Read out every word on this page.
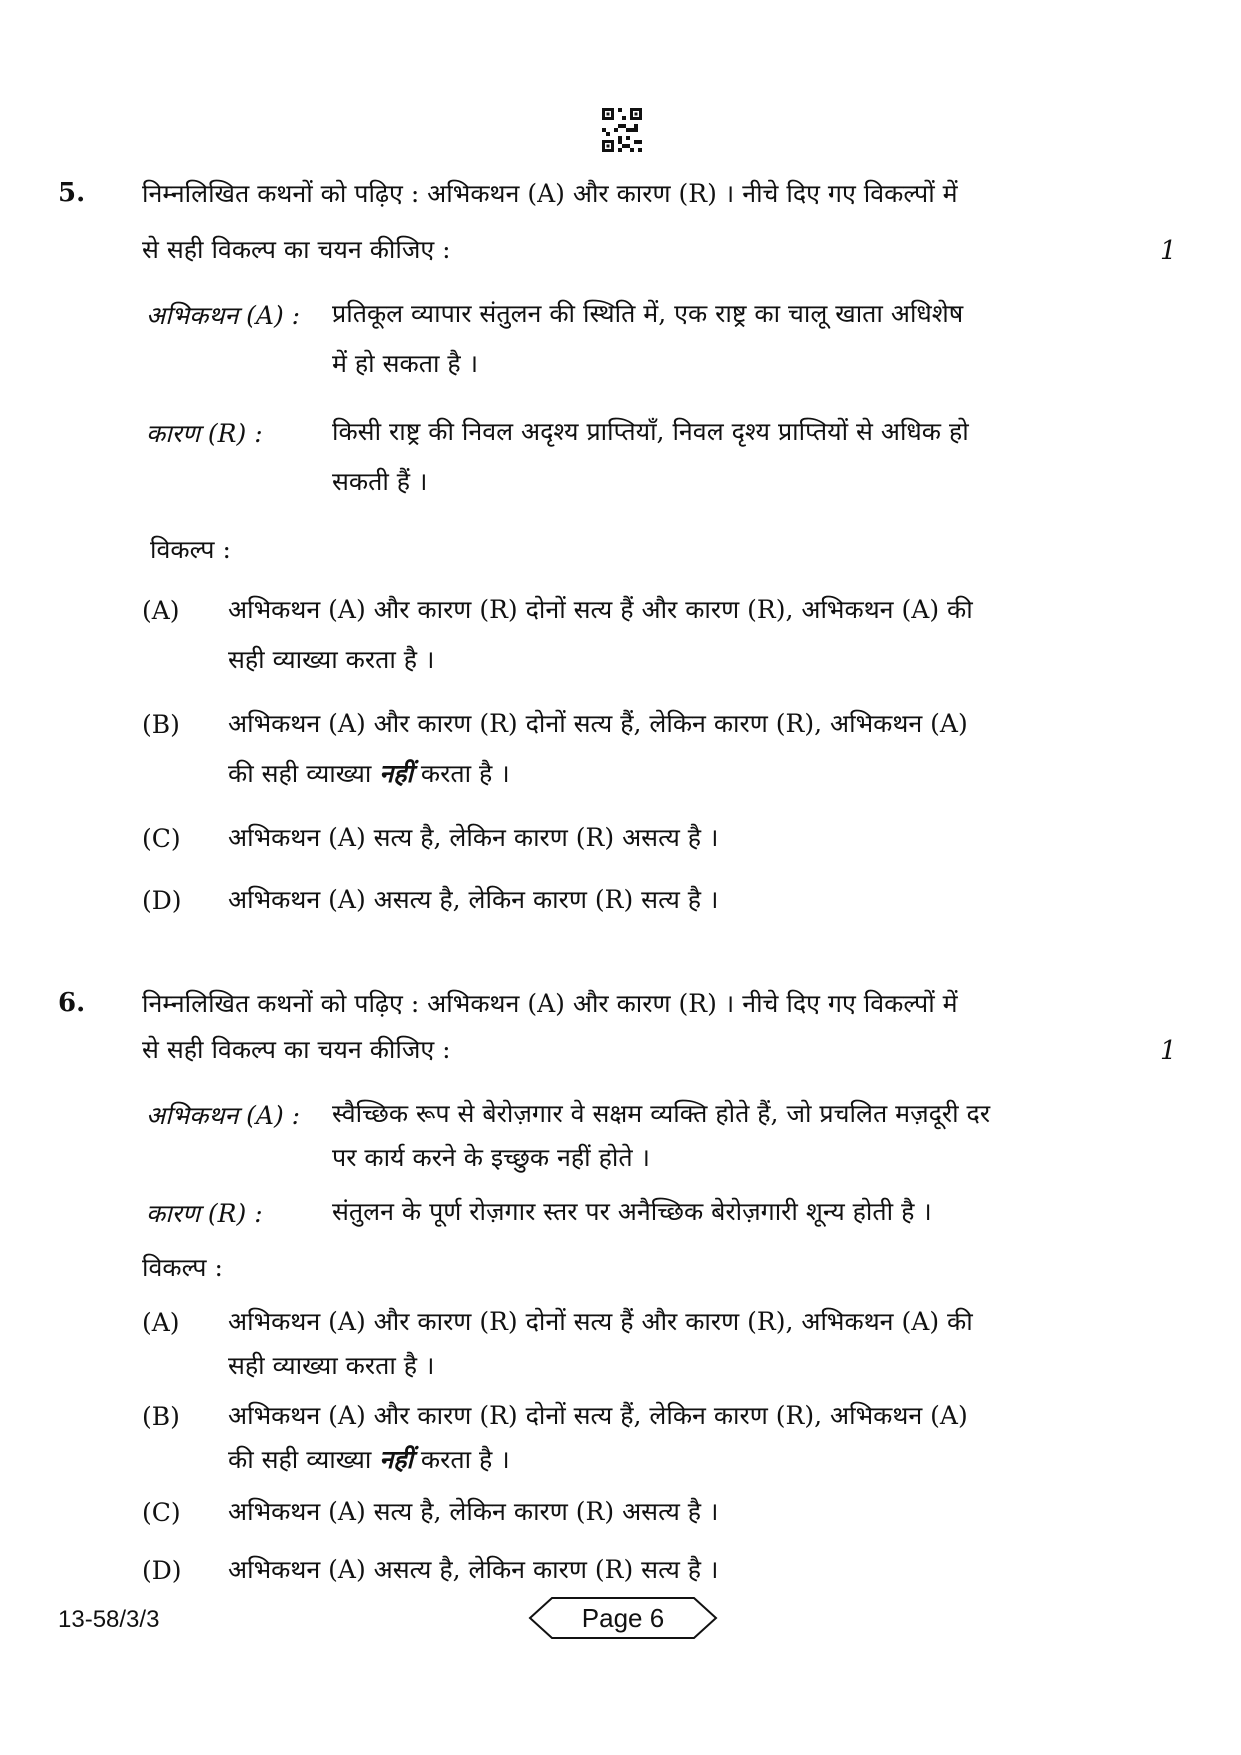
5. निम्नलिखित कथनों को पढ़िए : अभिकथन (A) और कारण (R) । नीचे दिए गए विकल्पों में
से सही विकल्प का चयन कीजिए :	1
अभिकथन (A) : प्रतिकूल व्यापार संतुलन की स्थिति में, एक राष्ट्र का चालू खाता अधिशेष
में हो सकता है ।
कारण (R) :	किसी राष्ट्र की निवल अदृश्य प्राप्तियाँ, निवल दृश्य प्राप्तियों से अधिक हो
सकती हैं ।
विकल्प :
(A) अभिकथन (A) और कारण (R) दोनों सत्य हैं और कारण (R), अभिकथन (A) की
सही व्याख्या करता है ।
(B) अभिकथन (A) और कारण (R) दोनों सत्य हैं, लेकिन कारण (R), अभिकथन (A)
की सही व्याख्या नहीं करता है ।
(C) अभिकथन (A) सत्य है, लेकिन कारण (R) असत्य है ।
(D) अभिकथन (A) असत्य है, लेकिन कारण (R) सत्य है ।
6. निम्नलिखित कथनों को पढ़िए : अभिकथन (A) और कारण (R) । नीचे दिए गए विकल्पों में
से सही विकल्प का चयन कीजिए :	1
अभिकथन (A) : स्वैच्छिक रूप से बेरोज़गार वे सक्षम व्यक्ति होते हैं, जो प्रचलित मज़दूरी दर
पर कार्य करने के इच्छुक नहीं होते ।
कारण (R) :	संतुलन के पूर्ण रोज़गार स्तर पर अनैच्छिक बेरोज़गारी शून्य होती है ।
विकल्प :
(A) अभिकथन (A) और कारण (R) दोनों सत्य हैं और कारण (R), अभिकथन (A) की
सही व्याख्या करता है ।
(B) अभिकथन (A) और कारण (R) दोनों सत्य हैं, लेकिन कारण (R), अभिकथन (A)
की सही व्याख्या नहीं करता है ।
(C) अभिकथन (A) सत्य है, लेकिन कारण (R) असत्य है ।
(D) अभिकथन (A) असत्य है, लेकिन कारण (R) सत्य है ।
13-58/3/3	Page 6
